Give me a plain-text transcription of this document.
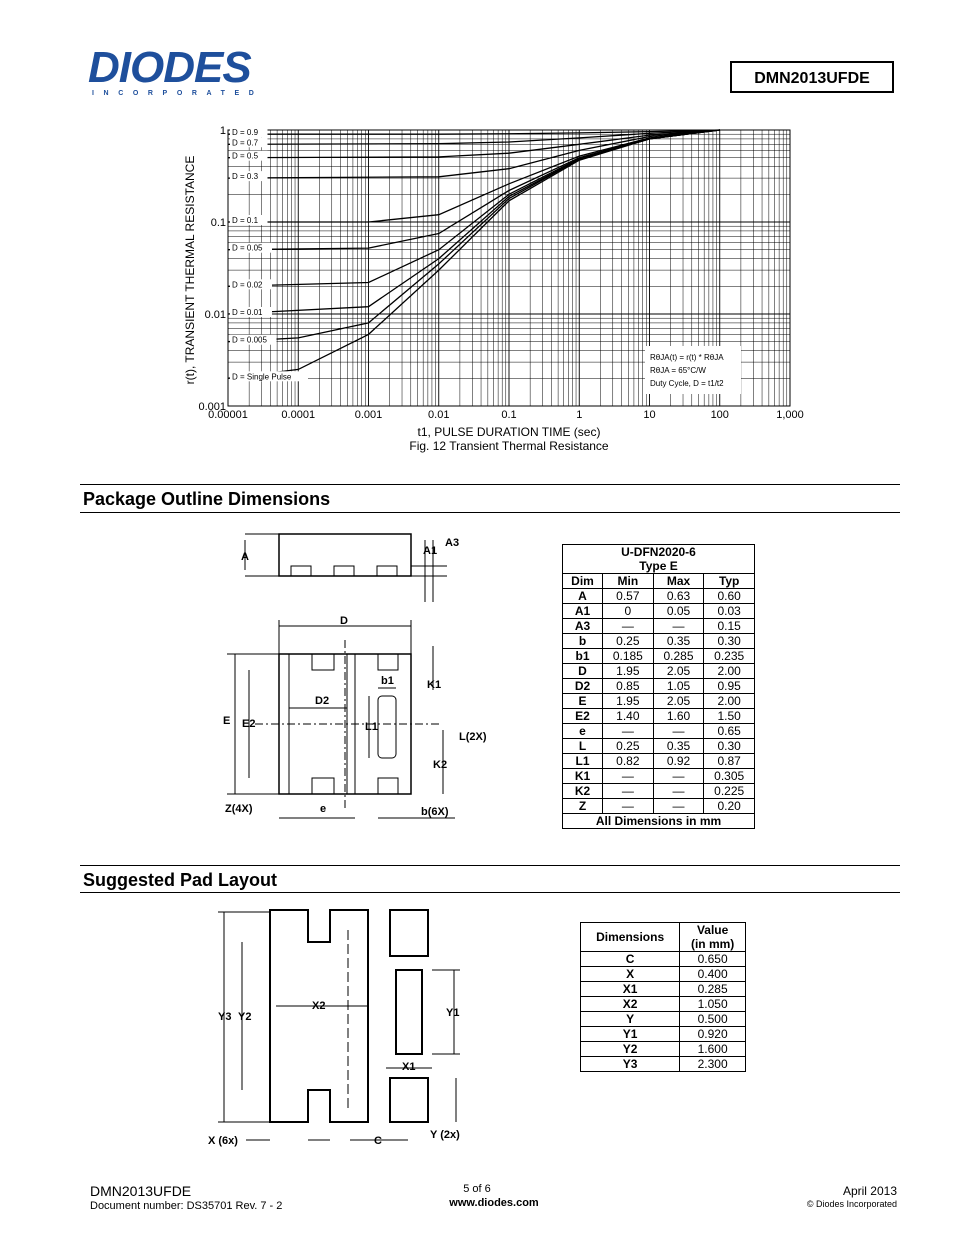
DIODES
INCORPORATED
DMN2013UFDE
D = 0.9
D = 0.7
D = 0.5
D = 0.3
D = 0.1
D = 0.05
D = 0.02
D = 0.01
D = 0.005
D = Single Pulse
0.00001	0.0001	0.001	0.01	0.1	1	10	100	1,000
0.001
0.01
0.1
1
r(t), TRANSIENT THERMAL RESISTANCE
t1, PULSE DURATION TIME (sec)
Fig. 12 Transient Thermal Resistance
RθJA(t) = r(t) * RθJA
RθJA = 65°C/W
Duty Cycle, D = t1/t2
Package Outline Dimensions
A	A1
A3
D
D2
b1	K1
E E2	L1
L(2X)
K2
Z(4X)	e	b(6X)
U-DFN2020-6
Type E			
Dim	Min	Max	Typ
A	0.57	0.63	0.60
A1	0	0.05	0.03
A3	—	—	0.15
b	0.25	0.35	0.30
b1	0.185	0.285	0.235
D	1.95	2.05	2.00
D2	0.85	1.05	0.95
E	1.95	2.05	2.00
E2	1.40	1.60	1.50
e	—	—	0.65
L	0.25	0.35	0.30
L1	0.82	0.92	0.87
K1	—	—	0.305
K2	—	—	0.225
Z	—	—	0.20
All Dimensions in mm			
Suggested Pad Layout
Y3 Y2
X2
Y1
X1
X (6x)	C	Y (2x)
Dimensions	Value
(in mm)
C	0.650
X	0.400
X1	0.285
X2	1.050
Y	0.500
Y1	0.920
Y2	1.600
Y3	2.300
DMN2013UFDE
Document number: DS35701 Rev. 7 - 2
5 of 6
www.diodes.com
April 2013
© Diodes Incorporated
